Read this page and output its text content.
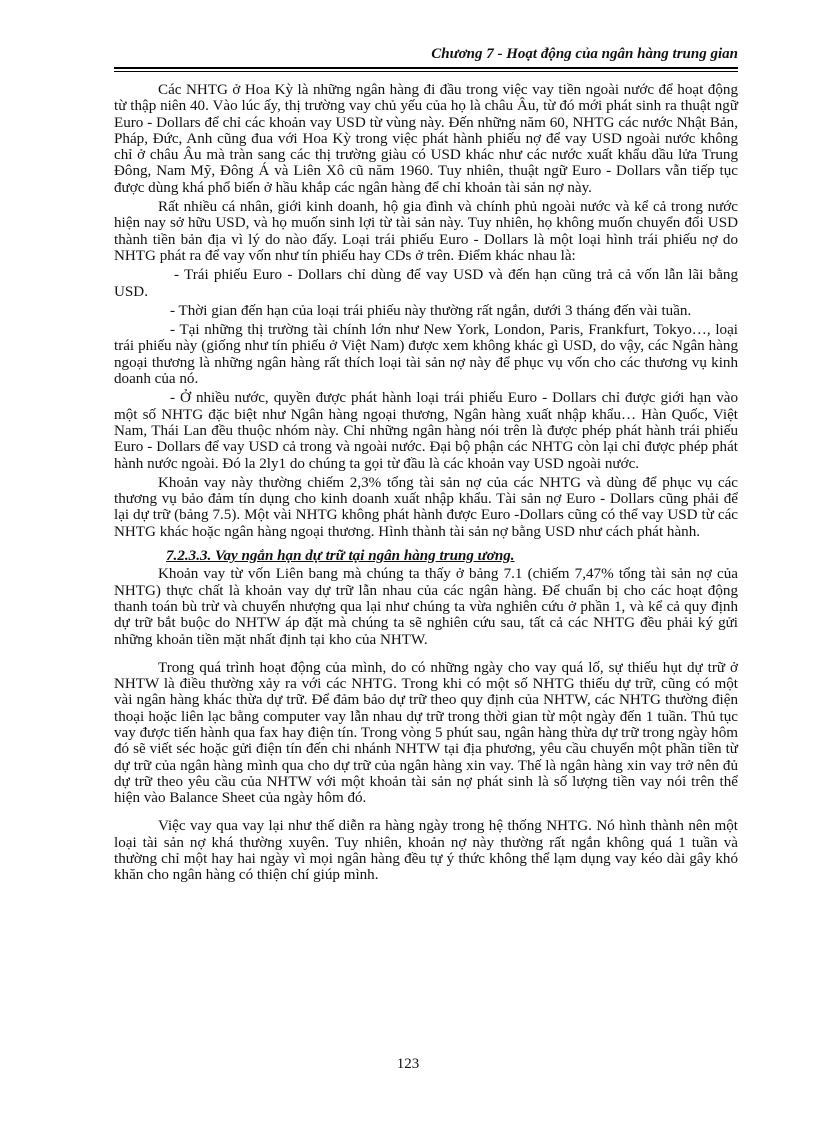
Chương 7 - Hoạt động của ngân hàng trung gian

Các NHTG ở Hoa Kỳ là những ngân hàng đi đầu trong việc vay tiền ngoài nước để hoạt động từ thập niên 40. Vào lúc ấy, thị trường vay chủ yếu của họ là châu Âu, từ đó mới phát sinh ra thuật ngữ Euro - Dollars để chỉ các khoản vay USD từ vùng này. Đến những năm 60, NHTG các nước Nhật Bản, Pháp, Đức, Anh cũng đua với Hoa Kỳ trong việc phát hành phiếu nợ để vay USD ngoài nước không chỉ ở châu Âu mà tràn sang các thị trường giàu có USD khác như các nước xuất khẩu dầu lửa Trung Đông, Nam Mỹ, Đông Á và Liên Xô cũ năm 1960. Tuy nhiên, thuật ngữ Euro - Dollars vẫn tiếp tục được dùng khá phổ biến ở hầu khắp các ngân hàng để chỉ khoản tài sản nợ này.

Rất nhiều cá nhân, giới kinh doanh, hộ gia đình và chính phủ ngoài nước và kể cả trong nước hiện nay sở hữu USD, và họ muốn sinh lợi từ tài sản này. Tuy nhiên, họ không muốn chuyển đổi USD thành tiền bản địa vì lý do nào đấy. Loại trái phiếu Euro - Dollars là một loại hình trái phiếu nợ do NHTG phát ra để vay vốn như tín phiếu hay CDs ở trên. Điểm khác nhau là:

- Trái phiếu Euro - Dollars chỉ dùng để vay USD và đến hạn cũng trả cả vốn lẫn lãi bằng USD.

- Thời gian đến hạn của loại trái phiếu này thường rất ngắn, dưới 3 tháng đến vài tuần.

- Tại những thị trường tài chính lớn như New York, London, Paris, Frankfurt, Tokyo…, loại trái phiếu này (giống như tín phiếu ở Việt Nam) được xem không khác gì USD, do vậy, các Ngân hàng ngoại thương là những ngân hàng rất thích loại tài sản nợ này để phục vụ vốn cho các thương vụ kinh doanh của nó.

- Ở nhiều nước, quyền được phát hành loại trái phiếu Euro - Dollars chỉ được giới hạn vào một số NHTG đặc biệt như Ngân hàng ngoại thương, Ngân hàng xuất nhập khẩu… Hàn Quốc, Việt Nam, Thái Lan đều thuộc nhóm này. Chỉ những ngân hàng nói trên là được phép phát hành trái phiếu Euro - Dollars để vay USD cả trong và ngoài nước. Đại bộ phận các NHTG còn lại chỉ được phép phát hành nước ngoài. Đó la 2ly1 do chúng ta gọi từ đầu là các khoản vay USD ngoài nước.

Khoản vay này thường chiếm 2,3% tổng tài sản nợ của các NHTG và dùng để phục vụ các thương vụ bảo đảm tín dụng cho kinh doanh xuất nhập khẩu. Tài sản nợ Euro - Dollars cũng phải để lại dự trữ (bảng 7.5). Một vài NHTG không phát hành được Euro -Dollars cũng có thể vay USD từ các NHTG khác hoặc ngân hàng ngoại thương. Hình thành tài sản nợ bằng USD như cách phát hành.

7.2.3.3. Vay ngắn hạn dự trữ tại ngân hàng trung ương.

Khoản vay từ vốn Liên bang mà chúng ta thấy ở bảng 7.1 (chiếm 7,47% tổng tài sản nợ của NHTG) thực chất là khoản vay dự trữ lẫn nhau của các ngân hàng. Để chuẩn bị cho các hoạt động thanh toán bù trừ và chuyển nhượng qua lại như chúng ta vừa nghiên cứu ở phần 1, và kể cả quy định dự trữ bắt buộc do NHTW áp đặt mà chúng ta sẽ nghiên cứu sau, tất cả các NHTG đều phải ký gửi những khoản tiền mặt nhất định tại kho của NHTW.

Trong quá trình hoạt động của mình, do có những ngày cho vay quá lố, sự thiếu hụt dự trữ ở NHTW là điều thường xảy ra với các NHTG. Trong khi có một số NHTG thiếu dự trữ, cũng có một vài ngân hàng khác thừa dự trữ. Để đảm bảo dự trữ theo quy định của NHTW, các NHTG thường điện thoại hoặc liên lạc bằng computer vay lẫn nhau dự trữ trong thời gian từ một ngày đến 1 tuần. Thủ tục vay được tiến hành qua fax hay điện tín. Trong vòng 5 phút sau, ngân hàng thừa dự trữ trong ngày hôm đó sẽ viết séc hoặc gửi điện tín đến chi nhánh NHTW tại địa phương, yêu cầu chuyển một phần tiền từ dự trữ của ngân hàng mình qua cho dự trữ của ngân hàng xin vay. Thế là ngân hàng xin vay trở nên đủ dự trữ theo yêu cầu của NHTW với một khoản tài sản nợ phát sinh là số lượng tiền vay nói trên thể hiện vào Balance Sheet của ngày hôm đó.

Việc vay qua vay lại như thế diễn ra hàng ngày trong hệ thống NHTG. Nó hình thành nên một loại tài sản nợ khá thường xuyên. Tuy nhiên, khoản nợ này thường rất ngắn không quá 1 tuần và thường chỉ một hay hai ngày vì mọi ngân hàng đều tự ý thức không thể lạm dụng vay kéo dài gây khó khăn cho ngân hàng có thiện chí giúp mình.

123
